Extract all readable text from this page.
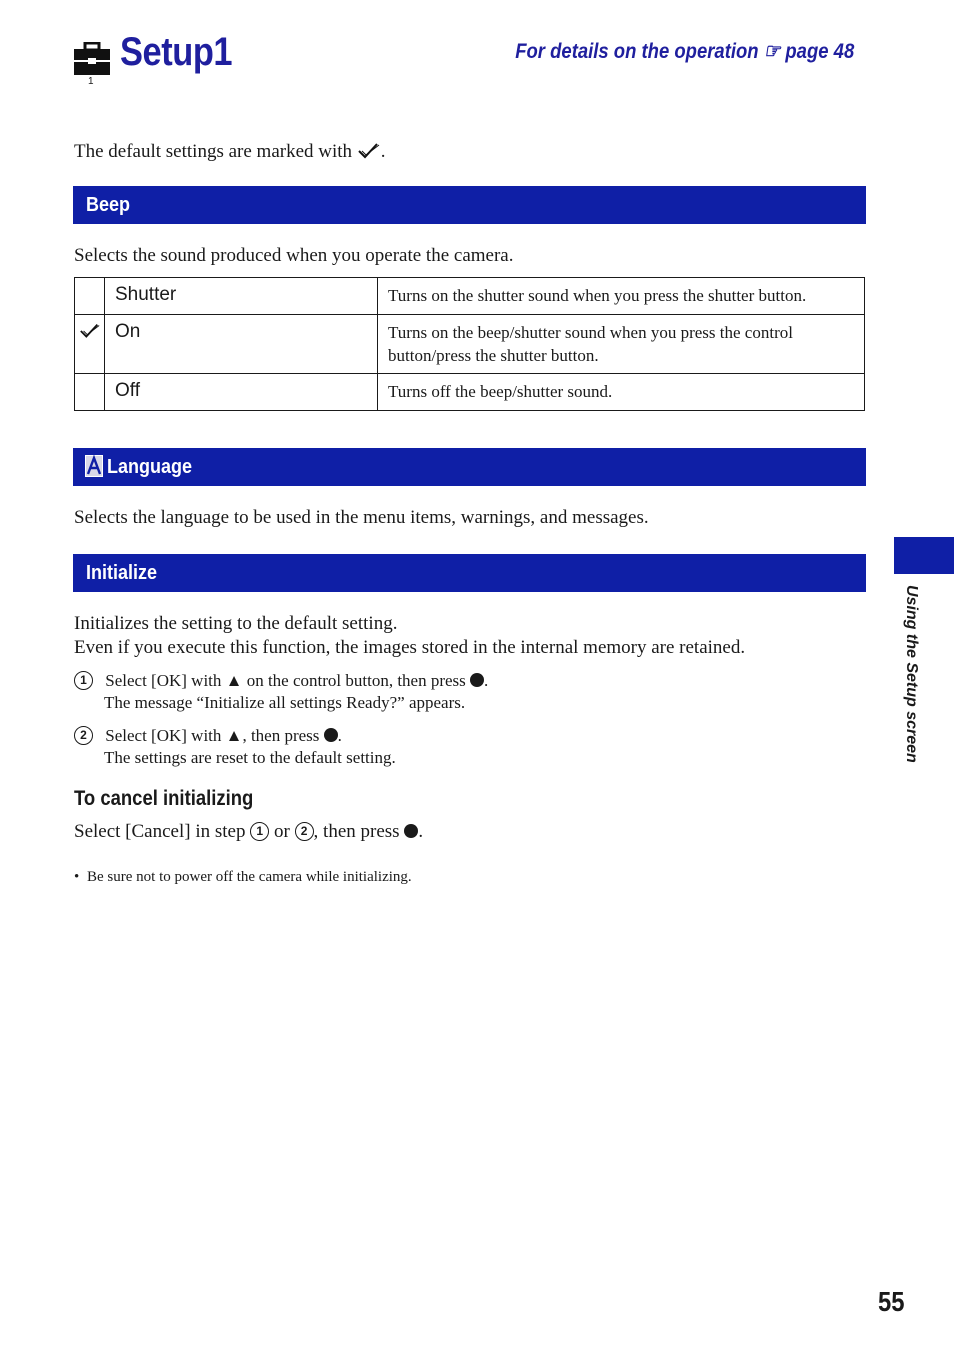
1
Setup1	For details on the operation ☞ page 48
The default settings are marked with .
Beep
Selects the sound produced when you operate the camera.
	Shutter	Turns on the shutter sound when you press the shutter button.
	On	Turns on the beep/shutter sound when you press the control button/press the shutter button.
	Off	Turns off the beep/shutter sound.
Language
Selects the language to be used in the menu items, warnings, and messages.
Initialize
Initializes the setting to the default setting.
Even if you execute this function, the images stored in the internal memory are retained.
1 Select [OK] with ▲ on the control button, then press .
The message “Initialize all settings Ready?” appears.
2 Select [OK] with ▲, then press .
The settings are reset to the default setting.
To cancel initializing
Select [Cancel] in step 1 or 2 , then press .
• Be sure not to power off the camera while initializing.
Using the Setup screen
55
